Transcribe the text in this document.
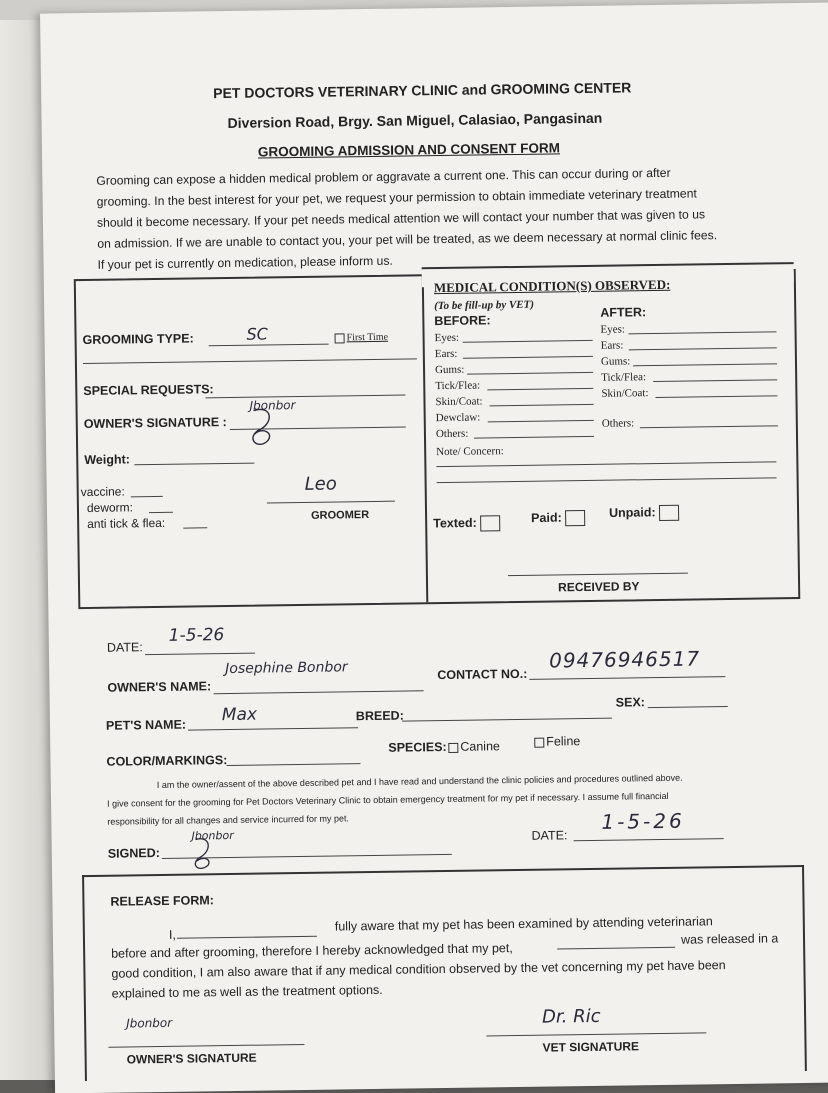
PET DOCTORS VETERINARY CLINIC and GROOMING CENTER
Diversion Road, Brgy. San Miguel, Calasiao, Pangasinan
GROOMING ADMISSION AND CONSENT FORM
Grooming can expose a hidden medical problem or aggravate a current one. This can occur during or after
grooming. In the best interest for your pet, we request your permission to obtain immediate veterinary treatment
should it become necessary. If your pet needs medical attention we will contact your number that was given to us
on admission. If we are unable to contact you, your pet will be treated, as we deem necessary at normal clinic fees.
If your pet is currently on medication, please inform us.
GROOMING TYPE:	SC	First Time
SPECIAL REQUESTS:
OWNER'S SIGNATURE :
Jbonbor
Weight:
vaccine:
deworm:
anti tick & flea:
Leo
GROOMER
MEDICAL CONDITION(S) OBSERVED:
(To be fill-up by VET)
BEFORE:
AFTER:
Eyes:
Ears:
Gums:
Tick/Flea:
Skin/Coat:
Dewclaw:
Others:
Eyes:
Ears:
Gums:
Tick/Flea:
Skin/Coat:
Others:
Note/ Concern:
Texted:	Paid:	Unpaid:
RECEIVED BY
DATE:
1-5-26
OWNER'S NAME:
Josephine Bonbor	CONTACT NO.:
09476946517
PET'S NAME:
Max	BREED:
SEX:
COLOR/MARKINGS:
SPECIES:	Canine	Feline
I am the owner/assent of the above described pet and I have read and understand the clinic policies and procedures outlined above.
I give consent for the grooming for Pet Doctors Veterinary Clinic to obtain emergency treatment for my pet if necessary. I assume full financial
responsibility for all changes and service incurred for my pet.
SIGNED:
Jbonbor	DATE:
1-5-26
RELEASE FORM:
I,
fully aware that my pet has been examined by attending veterinarian
before and after grooming, therefore I hereby acknowledged that my pet,
was released in a
good condition, I am also aware that if any medical condition observed by the vet concerning my pet have been
explained to me as well as the treatment options.
Jbonbor
OWNER'S SIGNATURE
Dr. Ric
VET SIGNATURE
